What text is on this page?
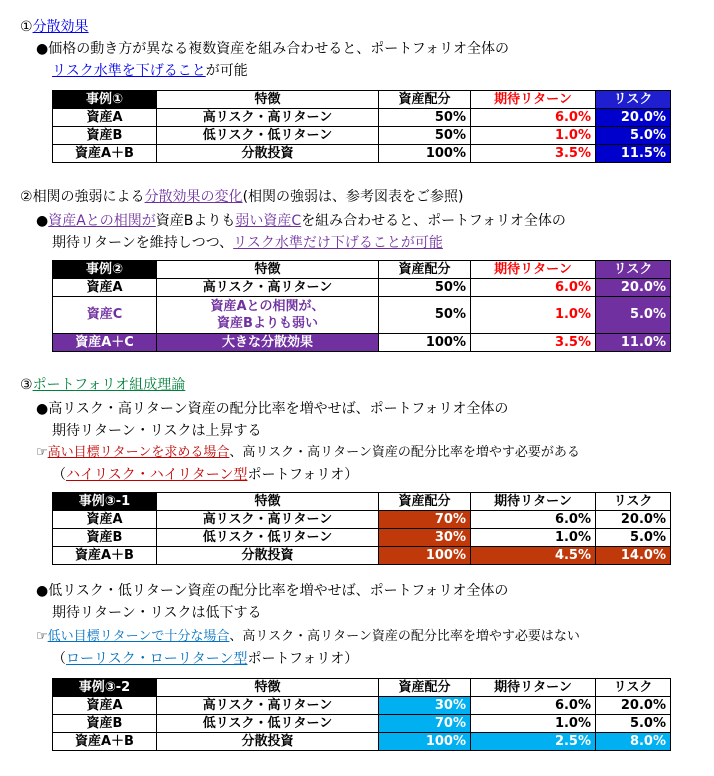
①分散効果
●価格の動き方が異なる複数資産を組み合わせると、ポートフォリオ全体の
リスク水準を下げることが可能
事例①	特徴	資産配分	期待リターン	リスク
資産A	高リスク・高リターン	50%	6.0%	20.0%
資産B	低リスク・低リターン	50%	1.0%	5.0%
資産A＋B	分散投資	100%	3.5%	11.5%
②相関の強弱による分散効果の変化(相関の強弱は、参考図表をご参照)
●資産Aとの相関が資産Bよりも弱い資産Cを組み合わせると、ポートフォリオ全体の
期待リターンを維持しつつ、リスク水準だけ下げることが可能
事例②	特徴	資産配分	期待リターン	リスク
資産A	高リスク・高リターン	50%	6.0%	20.0%
資産C	資産Aとの相関が、
資産Bよりも弱い	50%	1.0%	5.0%
資産A＋C	大きな分散効果	100%	3.5%	11.0%
③ポートフォリオ組成理論
●高リスク・高リターン資産の配分比率を増やせば、ポートフォリオ全体の
期待リターン・リスクは上昇する
☞高い目標リターンを求める場合、高リスク・高リターン資産の配分比率を増やす必要がある
（ハイリスク・ハイリターン型ポートフォリオ）
事例③-1	特徴	資産配分	期待リターン	リスク
資産A	高リスク・高リターン	70%	6.0%	20.0%
資産B	低リスク・低リターン	30%	1.0%	5.0%
資産A＋B	分散投資	100%	4.5%	14.0%
●低リスク・低リターン資産の配分比率を増やせば、ポートフォリオ全体の
期待リターン・リスクは低下する
☞低い目標リターンで十分な場合、高リスク・高リターン資産の配分比率を増やす必要はない
（ローリスク・ローリターン型ポートフォリオ）
事例③-2	特徴	資産配分	期待リターン	リスク
資産A	高リスク・高リターン	30%	6.0%	20.0%
資産B	低リスク・低リターン	70%	1.0%	5.0%
資産A＋B	分散投資	100%	2.5%	8.0%
